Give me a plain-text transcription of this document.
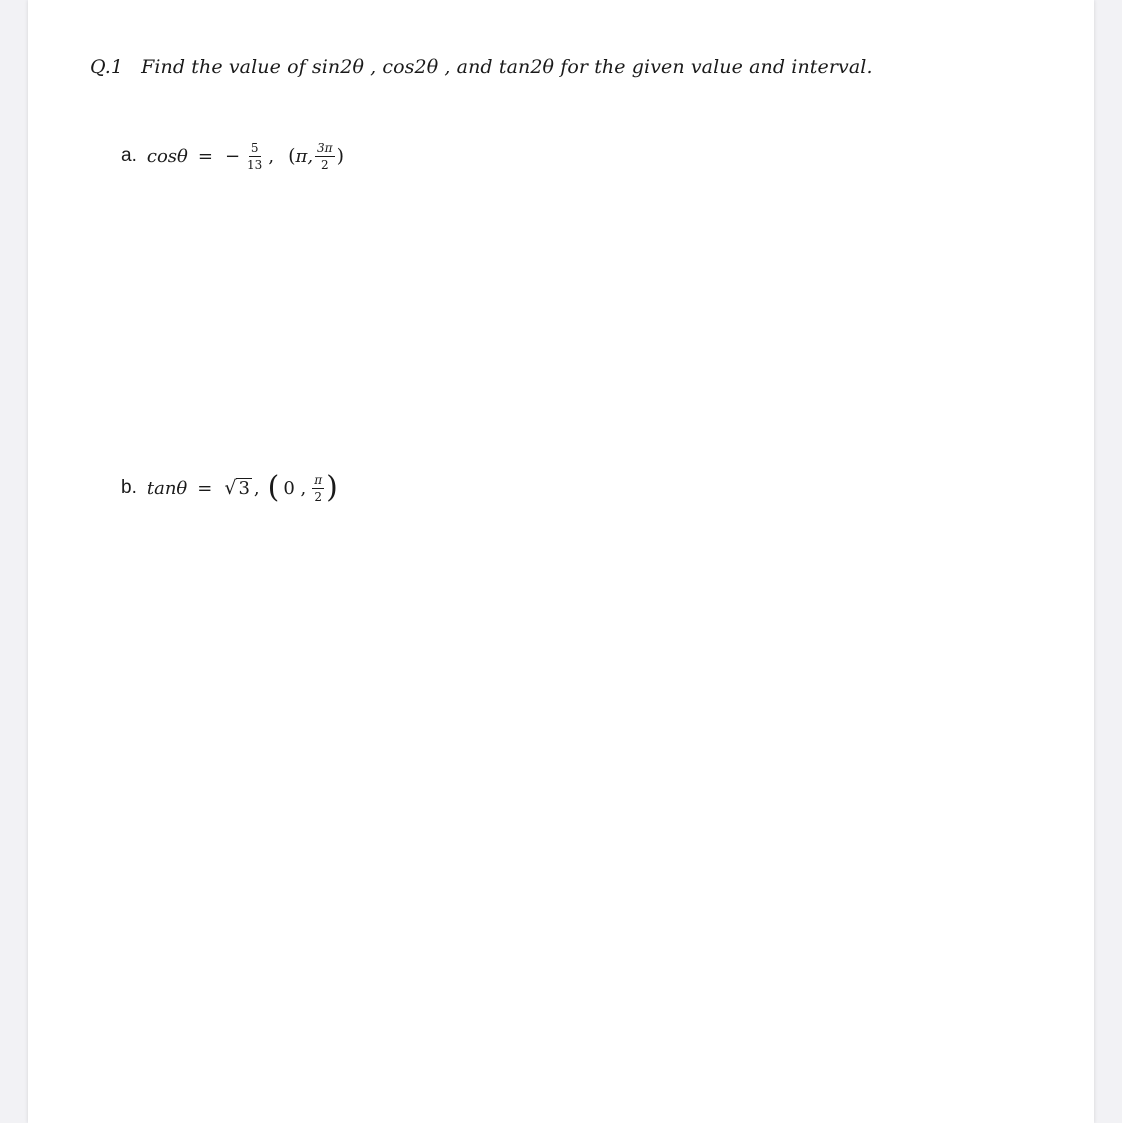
Q.1 Find the value of sin2θ , cos2θ , and tan2θ for the given value and interval.
a. cosθ = − $\frac{5}{13}$ , ( π, $\frac{3\pi}{2}$ )
b. tanθ = √ 3 , ( 0 , $\frac{\pi}{2}$ )
